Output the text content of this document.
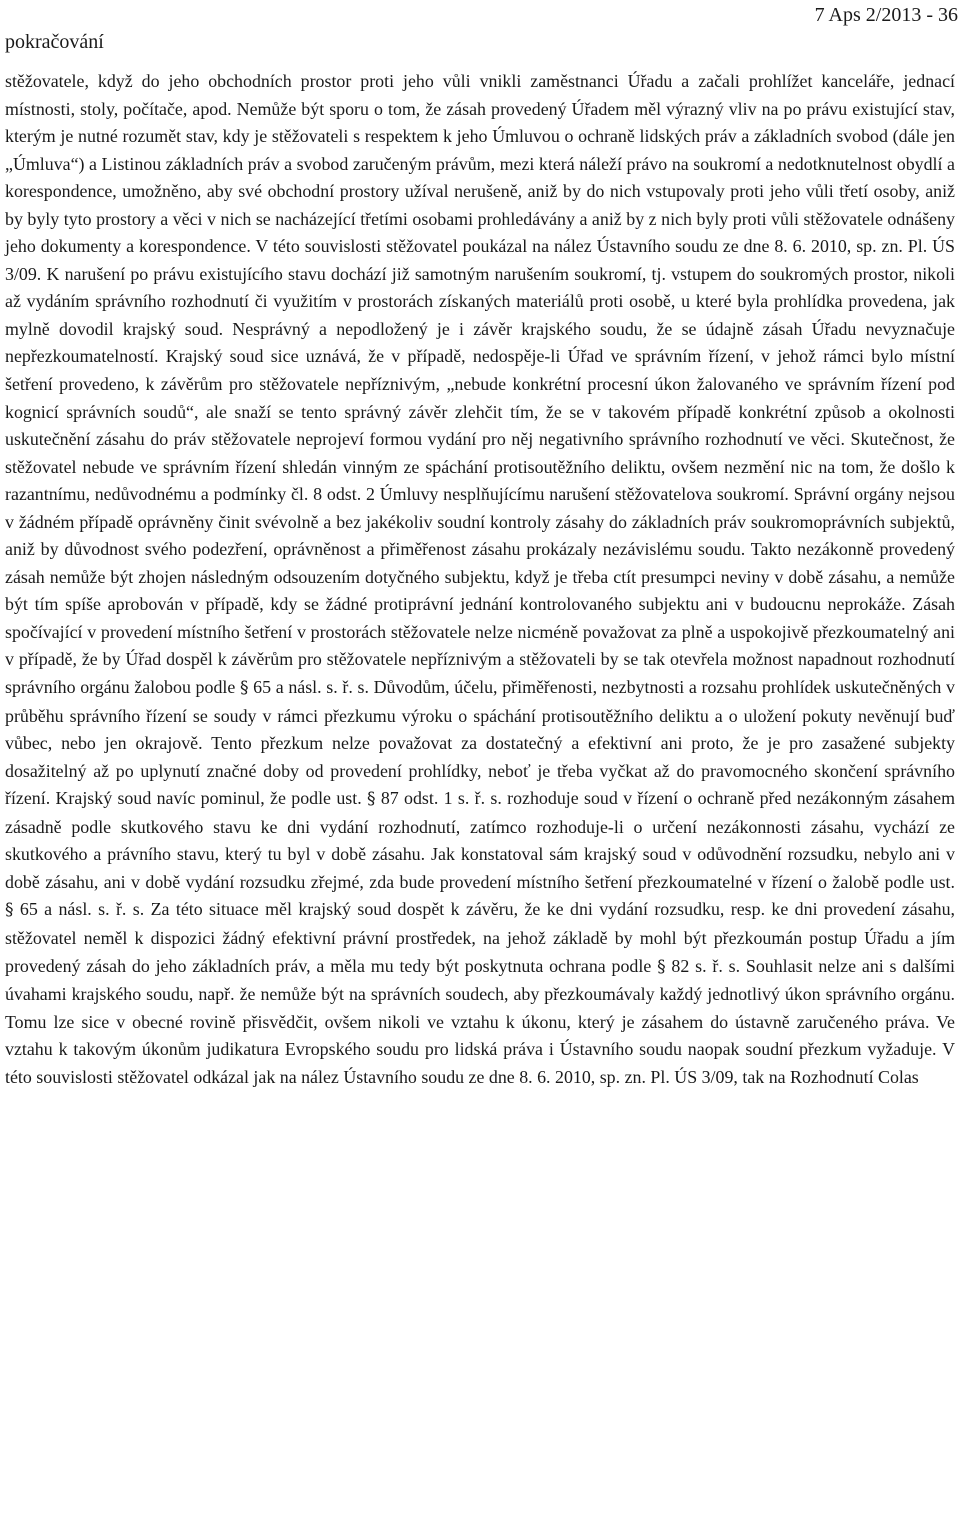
pokračování
7 Aps 2/2013 - 36

stěžovatele, když do jeho obchodních prostor proti jeho vůli vnikli zaměstnanci Úřadu a začali prohlížet kanceláře, jednací místnosti, stoly, počítače, apod. Nemůže být sporu o tom, že zásah provedený Úřadem měl výrazný vliv na po právu existující stav, kterým je nutné rozumět stav, kdy je stěžovateli s respektem k jeho Úmluvou o ochraně lidských práv a základních svobod (dále jen „Úmluva“) a Listinou základních práv a svobod zaručeným právům, mezi která náleží právo na soukromí a nedotknutelnost obydlí a korespondence, umožněno, aby své obchodní prostory užíval nerušeně, aniž by do nich vstupovaly proti jeho vůli třetí osoby, aniž by byly tyto prostory a věci v nich se nacházející třetími osobami prohledávány a aniž by z nich byly proti vůli stěžovatele odnášeny jeho dokumenty a korespondence. V této souvislosti stěžovatel poukázal na nález Ústavního soudu ze dne 8. 6. 2010, sp. zn. Pl. ÚS 3/09. K narušení po právu existujícího stavu dochází již samotným narušením soukromí, tj. vstupem do soukromých prostor, nikoli až vydáním správního rozhodnutí či využitím v prostorách získaných materiálů proti osobě, u které byla prohlídka provedena, jak mylně dovodil krajský soud. Nesprávný a nepodložený je i závěr krajského soudu, že se údajně zásah Úřadu nevyznačuje nepřezkoumatelností. Krajský soud sice uznává, že v případě, nedospěje-li Úřad ve správním řízení, v jehož rámci bylo místní šetření provedeno, k závěrům pro stěžovatele nepříznivým, „nebude konkrétní procesní úkon žalovaného ve správním řízení pod kognicí správních soudů“, ale snaží se tento správný závěr zlehčit tím, že se v takovém případě konkrétní způsob a okolnosti uskutečnění zásahu do práv stěžovatele neprojeví formou vydání pro něj negativního správního rozhodnutí ve věci. Skutečnost, že stěžovatel nebude ve správním řízení shledán vinným ze spáchání protisoutěžního deliktu, ovšem nezmění nic na tom, že došlo k razantnímu, nedůvodnému a podmínky čl. 8 odst. 2 Úmluvy nesplňujícímu narušení stěžovatelova soukromí. Správní orgány nejsou v žádném případě oprávněny činit svévolně a bez jakékoliv soudní kontroly zásahy do základních práv soukromoprávních subjektů, aniž by důvodnost svého podezření, oprávněnost a přiměřenost zásahu prokázaly nezávislému soudu. Takto nezákonně provedený zásah nemůže být zhojen následným odsouzením dotyčného subjektu, když je třeba ctít presumpci neviny v době zásahu, a nemůže být tím spíše aprobován v případě, kdy se žádné protiprávní jednání kontrolovaného subjektu ani v budoucnu neprokáže. Zásah spočívající v provedení místního šetření v prostorách stěžovatele nelze nicméně považovat za plně a uspokojivě přezkoumatelný ani v případě, že by Úřad dospěl k závěrům pro stěžovatele nepříznivým a stěžovateli by se tak otevřela možnost napadnout rozhodnutí správního orgánu žalobou podle § 65 a násl. s. ř. s. Důvodům, účelu, přiměřenosti, nezbytnosti a rozsahu prohlídek uskutečněných v průběhu správního řízení se soudy v rámci přezkumu výroku o spáchání protisoutěžního deliktu a o uložení pokuty nevěnují buď vůbec, nebo jen okrajově. Tento přezkum nelze považovat za dostatečný a efektivní ani proto, že je pro zasažené subjekty dosažitelný až po uplynutí značné doby od provedení prohlídky, neboť je třeba vyčkat až do pravomocného skončení správního řízení. Krajský soud navíc pominul, že podle ust. § 87 odst. 1 s. ř. s. rozhoduje soud v řízení o ochraně před nezákonným zásahem zásadně podle skutkového stavu ke dni vydání rozhodnutí, zatímco rozhoduje-li o určení nezákonnosti zásahu, vychází ze skutkového a právního stavu, který tu byl v době zásahu. Jak konstatoval sám krajský soud v odůvodnění rozsudku, nebylo ani v době zásahu, ani v době vydání rozsudku zřejmé, zda bude provedení místního šetření přezkoumatelné v řízení o žalobě podle ust. § 65 a násl. s. ř. s. Za této situace měl krajský soud dospět k závěru, že ke dni vydání rozsudku, resp. ke dni provedení zásahu, stěžovatel neměl k dispozici žádný efektivní právní prostředek, na jehož základě by mohl být přezkoumán postup Úřadu a jím provedený zásah do jeho základních práv, a měla mu tedy být poskytnuta ochrana podle § 82 s. ř. s. Souhlasit nelze ani s dalšími úvahami krajského soudu, např. že nemůže být na správních soudech, aby přezkoumávaly každý jednotlivý úkon správního orgánu. Tomu lze sice v obecné rovině přisvědčit, ovšem nikoli ve vztahu k úkonu, který je zásahem do ústavně zaručeného práva. Ve vztahu k takovým úkonům judikatura Evropského soudu pro lidská práva i Ústavního soudu naopak soudní přezkum vyžaduje. V této souvislosti stěžovatel odkázal jak na nález Ústavního soudu ze dne 8. 6. 2010, sp. zn. Pl. ÚS 3/09, tak na Rozhodnutí Colas
